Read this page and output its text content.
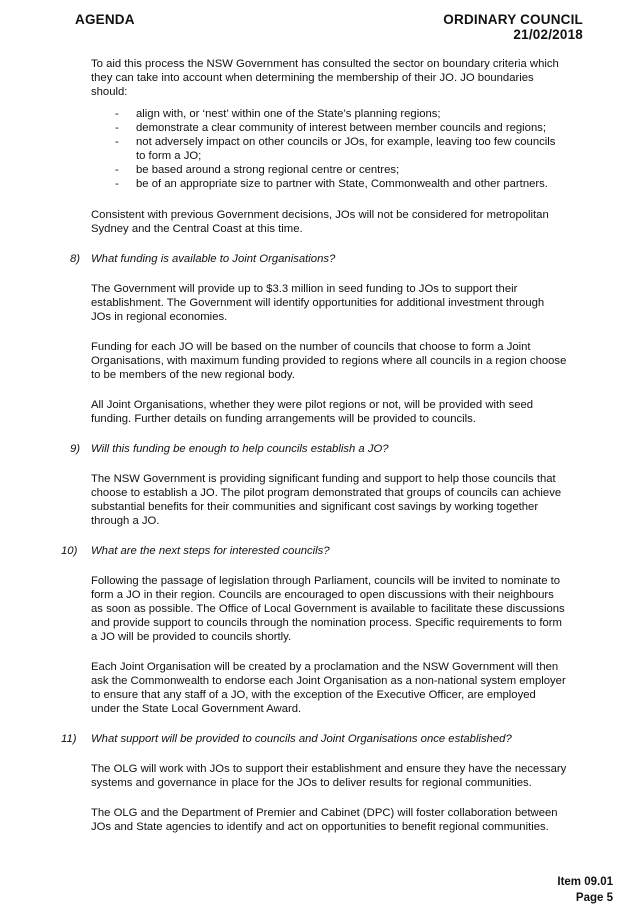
AGENDA	ORDINARY COUNCIL
21/02/2018

To aid this process the NSW Government has consulted the sector on boundary criteria which they can take into account when determining the membership of their JO. JO boundaries should:

- align with, or ‘nest’ within one of the State’s planning regions;
- demonstrate a clear community of interest between member councils and regions;
- not adversely impact on other councils or JOs, for example, leaving too few councils to form a JO;
- be based around a strong regional centre or centres;
- be of an appropriate size to partner with State, Commonwealth and other partners.

Consistent with previous Government decisions, JOs will not be considered for metropolitan Sydney and the Central Coast at this time.

8) What funding is available to Joint Organisations?

The Government will provide up to $3.3 million in seed funding to JOs to support their establishment. The Government will identify opportunities for additional investment through JOs in regional economies.

Funding for each JO will be based on the number of councils that choose to form a Joint Organisations, with maximum funding provided to regions where all councils in a region choose to be members of the new regional body.

All Joint Organisations, whether they were pilot regions or not, will be provided with seed funding. Further details on funding arrangements will be provided to councils.

9) Will this funding be enough to help councils establish a JO?

The NSW Government is providing significant funding and support to help those councils that choose to establish a JO. The pilot program demonstrated that groups of councils can achieve substantial benefits for their communities and significant cost savings by working together through a JO.

10) What are the next steps for interested councils?

Following the passage of legislation through Parliament, councils will be invited to nominate to form a JO in their region. Councils are encouraged to open discussions with their neighbours as soon as possible. The Office of Local Government is available to facilitate these discussions and provide support to councils through the nomination process. Specific requirements to form a JO will be provided to councils shortly.

Each Joint Organisation will be created by a proclamation and the NSW Government will then ask the Commonwealth to endorse each Joint Organisation as a non-national system employer to ensure that any staff of a JO, with the exception of the Executive Officer, are employed under the State Local Government Award.

11) What support will be provided to councils and Joint Organisations once established?

The OLG will work with JOs to support their establishment and ensure they have the necessary systems and governance in place for the JOs to deliver results for regional communities.

The OLG and the Department of Premier and Cabinet (DPC) will foster collaboration between JOs and State agencies to identify and act on opportunities to benefit regional communities.

Item 09.01
Page 5
